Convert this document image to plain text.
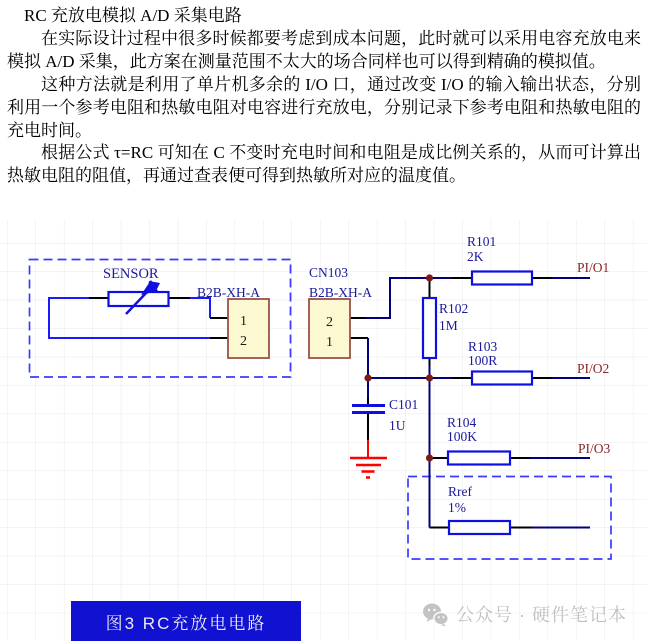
RC 充放电模拟 A/D 采集电路

在实际设计过程中很多时候都要考虑到成本问题，此时就可以采用电容充放电来模拟 A/D 采集，此方案在测量范围不太大的场合同样也可以得到精确的模拟值。

这种方法就是利用了单片机多余的 I/O 口，通过改变 I/O 的输入输出状态，分别利用一个参考电阻和热敏电阻对电容进行充放电，分别记录下参考电阻和热敏电阻的充电时间。

根据公式 τ=RC 可知在 C 不变时充电时间和电阻是成比例关系的，从而可计算出热敏电阻的阻值，再通过查表便可得到热敏所对应的温度值。

SENSOR
B2B-XH-A
1
2
CN103
B2B-XH-A
2
1
R101
2K
R102
1M
R103
100R
R104
100K
Rref
1%
C101
1U
PI/O1
PI/O2
PI/O3
图3 RC充放电电路	公众号 · 硬件笔记本
